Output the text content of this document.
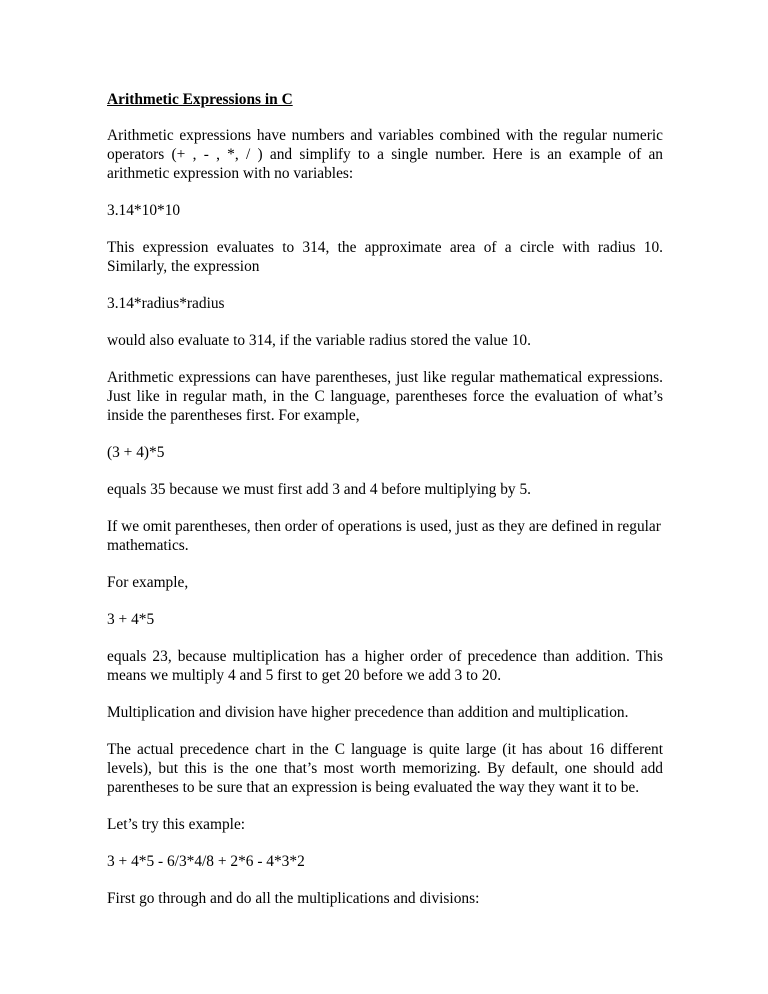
Arithmetic Expressions in C

Arithmetic expressions have numbers and variables combined with the regular numeric operators (+ , - , *, / ) and simplify to a single number. Here is an example of an arithmetic expression with no variables:

3.14*10*10

This expression evaluates to 314, the approximate area of a circle with radius 10. Similarly, the expression

3.14*radius*radius

would also evaluate to 314, if the variable radius stored the value 10.

Arithmetic expressions can have parentheses, just like regular mathematical expressions. Just like in regular math, in the C language, parentheses force the evaluation of what’s inside the parentheses first. For example,

(3 + 4)*5

equals 35 because we must first add 3 and 4 before multiplying by 5.

If we omit parentheses, then order of operations is used, just as they are defined in regular mathematics.

For example,

3 + 4*5

equals 23, because multiplication has a higher order of precedence than addition. This means we multiply 4 and 5 first to get 20 before we add 3 to 20.

Multiplication and division have higher precedence than addition and multiplication.

The actual precedence chart in the C language is quite large (it has about 16 different levels), but this is the one that’s most worth memorizing. By default, one should add parentheses to be sure that an expression is being evaluated the way they want it to be.

Let’s try this example:

3 + 4*5 - 6/3*4/8 + 2*6 - 4*3*2

First go through and do all the multiplications and divisions:
